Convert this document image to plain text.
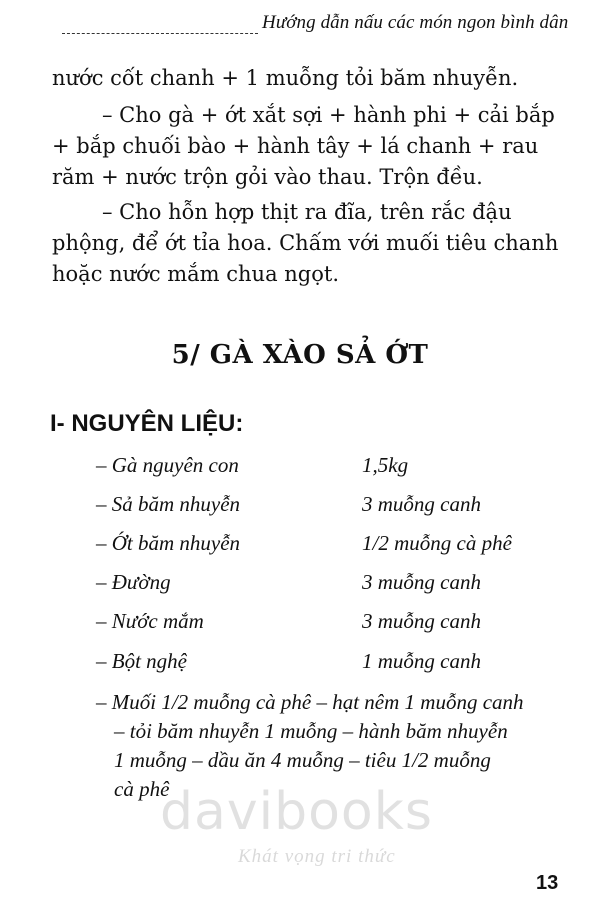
Hướng dẫn nấu các món ngon bình dân

nước cốt chanh + 1 muỗng tỏi băm nhuyễn.

– Cho gà + ớt xắt sợi + hành phi + cải bắp + bắp chuối bào + hành tây + lá chanh + rau răm + nước trộn gỏi vào thau. Trộn đều.

– Cho hỗn hợp thịt ra đĩa, trên rắc đậu phộng, để ớt tỉa hoa. Chấm với muối tiêu chanh hoặc nước mắm chua ngọt.

5/ GÀ XÀO SẢ ỚT
I- NGUYÊN LIỆU:
– Gà nguyên con	1,5kg
– Sả băm nhuyễn	3 muỗng canh
– Ớt băm nhuyễn	1/2 muỗng cà phê
– Đường	3 muỗng canh
– Nước mắm	3 muỗng canh
– Bột nghệ	1 muỗng canh

– Muối 1/2 muỗng cà phê – hạt nêm 1 muỗng canh
– tỏi băm nhuyễn 1 muỗng – hành băm nhuyễn
1 muỗng – dầu ăn 4 muỗng – tiêu 1/2 muỗng
cà phê

davibooks
Khát vọng tri thức
13
